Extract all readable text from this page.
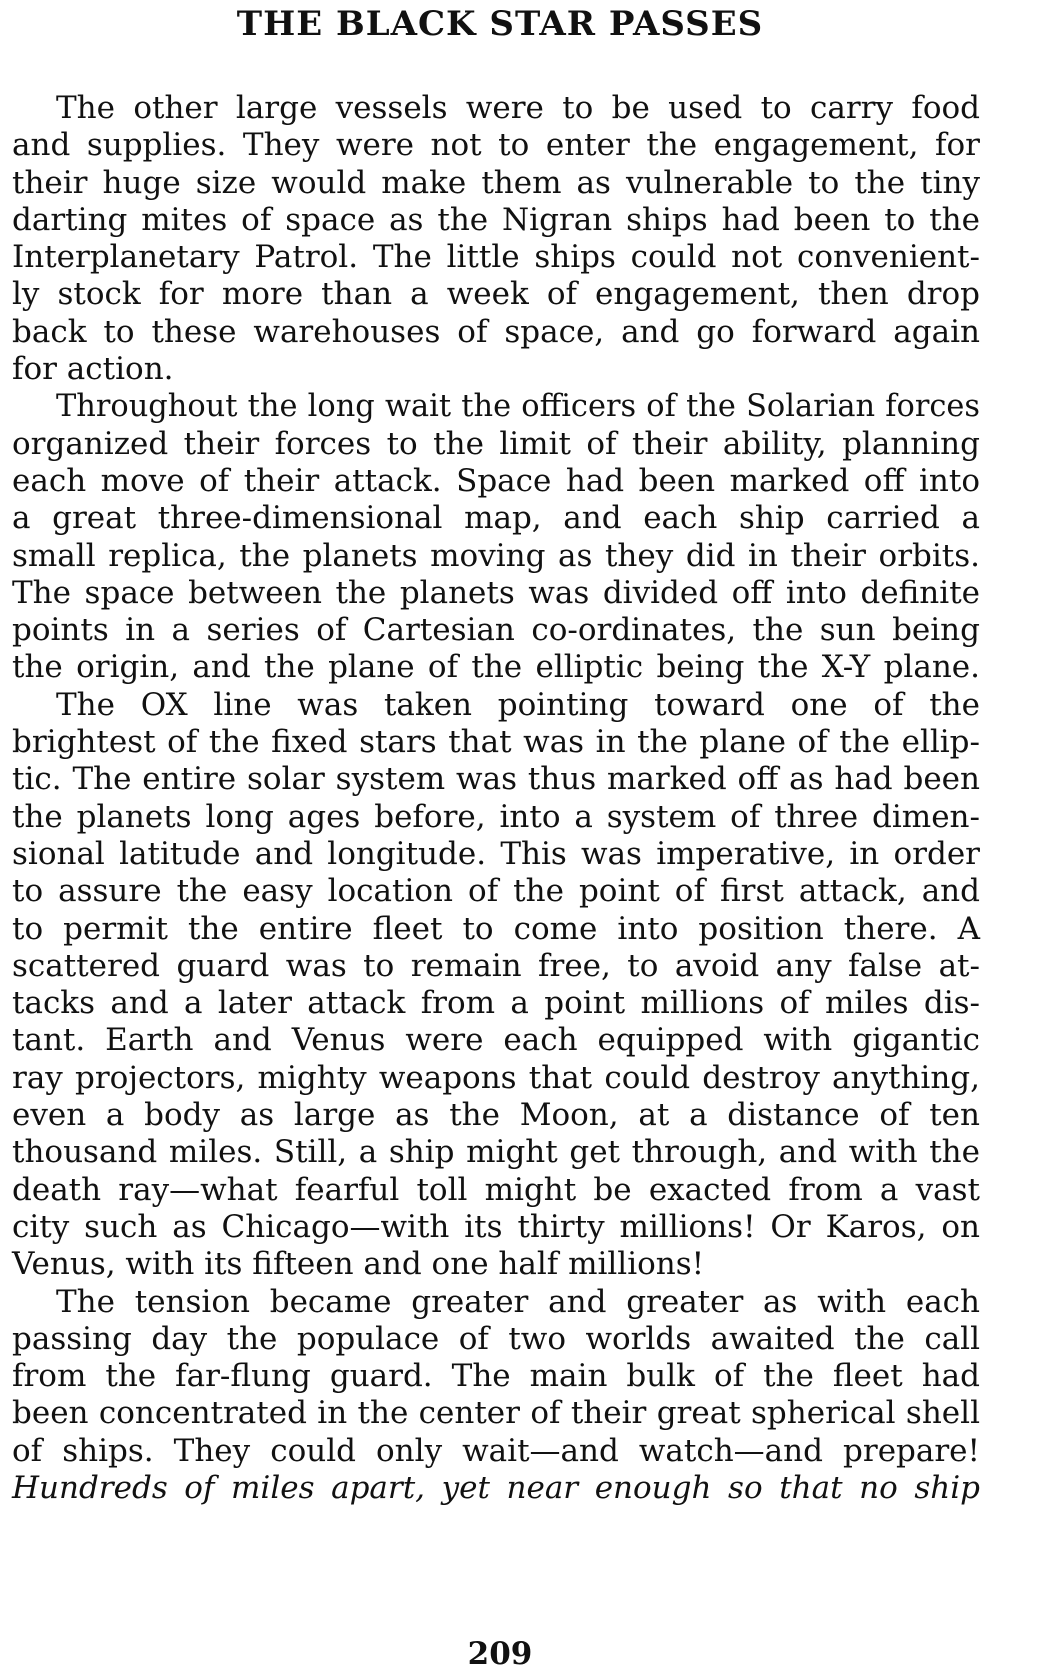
THE BLACK STAR PASSES
The other large vessels were to be used to carry food
and supplies. They were not to enter the engagement, for
their huge size would make them as vulnerable to the tiny
darting mites of space as the Nigran ships had been to the
Interplanetary Patrol. The little ships could not convenient-
ly stock for more than a week of engagement, then drop
back to these warehouses of space, and go forward again
for action.
Throughout the long wait the officers of the Solarian forces
organized their forces to the limit of their ability, planning
each move of their attack. Space had been marked off into
a great three-dimensional map, and each ship carried a
small replica, the planets moving as they did in their orbits.
The space between the planets was divided off into definite
points in a series of Cartesian co-ordinates, the sun being
the origin, and the plane of the elliptic being the X-Y plane.
The OX line was taken pointing toward one of the
brightest of the fixed stars that was in the plane of the ellip-
tic. The entire solar system was thus marked off as had been
the planets long ages before, into a system of three dimen-
sional latitude and longitude. This was imperative, in order
to assure the easy location of the point of first attack, and
to permit the entire fleet to come into position there. A
scattered guard was to remain free, to avoid any false at-
tacks and a later attack from a point millions of miles dis-
tant. Earth and Venus were each equipped with gigantic
ray projectors, mighty weapons that could destroy anything,
even a body as large as the Moon, at a distance of ten
thousand miles. Still, a ship might get through, and with the
death ray—what fearful toll might be exacted from a vast
city such as Chicago—with its thirty millions! Or Karos, on
Venus, with its fifteen and one half millions!
The tension became greater and greater as with each
passing day the populace of two worlds awaited the call
from the far-flung guard. The main bulk of the fleet had
been concentrated in the center of their great spherical shell
of ships. They could only wait—and watch—and prepare!
Hundreds of miles apart, yet near enough so that no ship
209
